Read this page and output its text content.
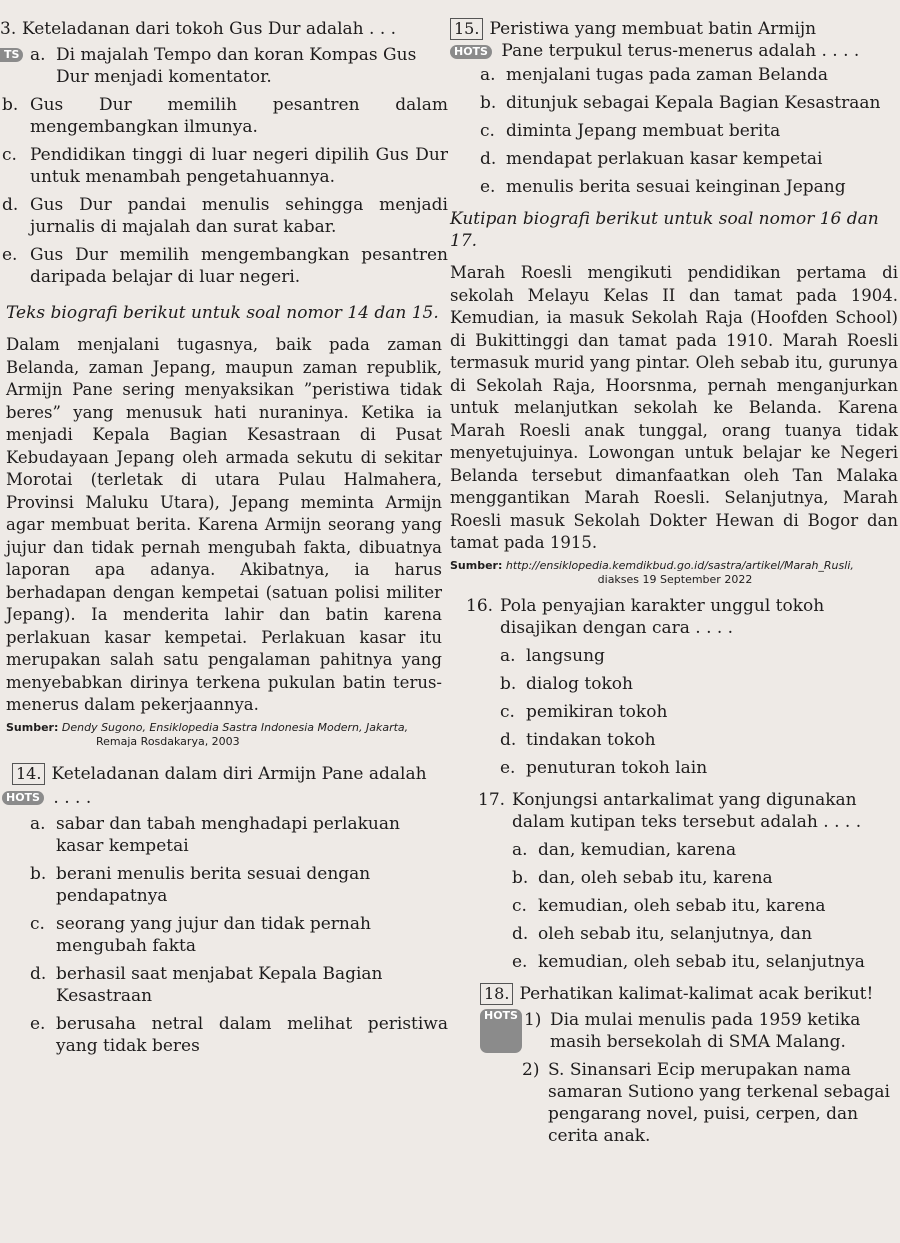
3. Keteladanan dari tokoh Gus Dur adalah . . .
TS a. Di majalah Tempo dan koran Kompas Gus Dur menjadi komentator.
b. Gus Dur memilih pesantren dalam mengembangkan ilmunya.
c. Pendidikan tinggi di luar negeri dipilih Gus Dur untuk menambah pengetahuannya.
d. Gus Dur pandai menulis sehingga menjadi jurnalis di majalah dan surat kabar.
e. Gus Dur memilih mengembangkan pesantren daripada belajar di luar negeri.
Teks biografi berikut untuk soal nomor 14 dan 15.
Dalam menjalani tugasnya, baik pada zaman Belanda, zaman Jepang, maupun zaman republik, Armijn Pane sering menyaksikan ”peristiwa tidak beres” yang menusuk hati nuraninya. Ketika ia menjadi Kepala Bagian Kesastraan di Pusat Kebudayaan Jepang oleh armada sekutu di sekitar Morotai (terletak di utara Pulau Halmahera, Provinsi Maluku Utara), Jepang meminta Armijn agar membuat berita. Karena Armijn seorang yang jujur dan tidak pernah mengubah fakta, dibuatnya laporan apa adanya. Akibatnya, ia harus berhadapan dengan kempetai (satuan polisi militer Jepang). Ia menderita lahir dan batin karena perlakuan kasar kempetai. Perlakuan kasar itu merupakan salah satu pengalaman pahitnya yang menyebabkan dirinya terkena pukulan batin terus-menerus dalam pekerjaannya.
Sumber: Dendy Sugono, Ensiklopedia Sastra Indonesia Modern, Jakarta,
Remaja Rosdakarya, 2003
14. Keteladanan dalam diri Armijn Pane adalah
HOTS . . . .
a. sabar dan tabah menghadapi perlakuan kasar kempetai
b. berani menulis berita sesuai dengan pendapatnya
c. seorang yang jujur dan tidak pernah mengubah fakta
d. berhasil saat menjabat Kepala Bagian Kesastraan
e. berusaha netral dalam melihat peristiwa yang tidak beres
15. Peristiwa yang membuat batin Armijn
HOTS Pane terpukul terus-menerus adalah . . . .
a. menjalani tugas pada zaman Belanda
b. ditunjuk sebagai Kepala Bagian Kesastraan
c. diminta Jepang membuat berita
d. mendapat perlakuan kasar kempetai
e. menulis berita sesuai keinginan Jepang
Kutipan biografi berikut untuk soal nomor 16 dan 17.
Marah Roesli mengikuti pendidikan pertama di sekolah Melayu Kelas II dan tamat pada 1904. Kemudian, ia masuk Sekolah Raja (Hoofden School) di Bukittinggi dan tamat pada 1910. Marah Roesli termasuk murid yang pintar. Oleh sebab itu, gurunya di Sekolah Raja, Hoorsnma, pernah menganjurkan untuk melanjutkan sekolah ke Belanda. Karena Marah Roesli anak tunggal, orang tuanya tidak menyetujuinya. Lowongan untuk belajar ke Negeri Belanda tersebut dimanfaatkan oleh Tan Malaka menggantikan Marah Roesli. Selanjutnya, Marah Roesli masuk Sekolah Dokter Hewan di Bogor dan tamat pada 1915.
Sumber: http://ensiklopedia.kemdikbud.go.id/sastra/artikel/Marah_Rusli,
diakses 19 September 2022
16. Pola penyajian karakter unggul tokoh disajikan dengan cara . . . .
a. langsung
b. dialog tokoh
c. pemikiran tokoh
d. tindakan tokoh
e. penuturan tokoh lain
17. Konjungsi antarkalimat yang digunakan dalam kutipan teks tersebut adalah . . . .
a. dan, kemudian, karena
b. dan, oleh sebab itu, karena
c. kemudian, oleh sebab itu, karena
d. oleh sebab itu, selanjutnya, dan
e. kemudian, oleh sebab itu, selanjutnya
18. Perhatikan kalimat-kalimat acak berikut!
HOTS 1) Dia mulai menulis pada 1959 ketika masih bersekolah di SMA Malang.
2) S. Sinansari Ecip merupakan nama samaran Sutiono yang terkenal sebagai pengarang novel, puisi, cerpen, dan cerita anak.
